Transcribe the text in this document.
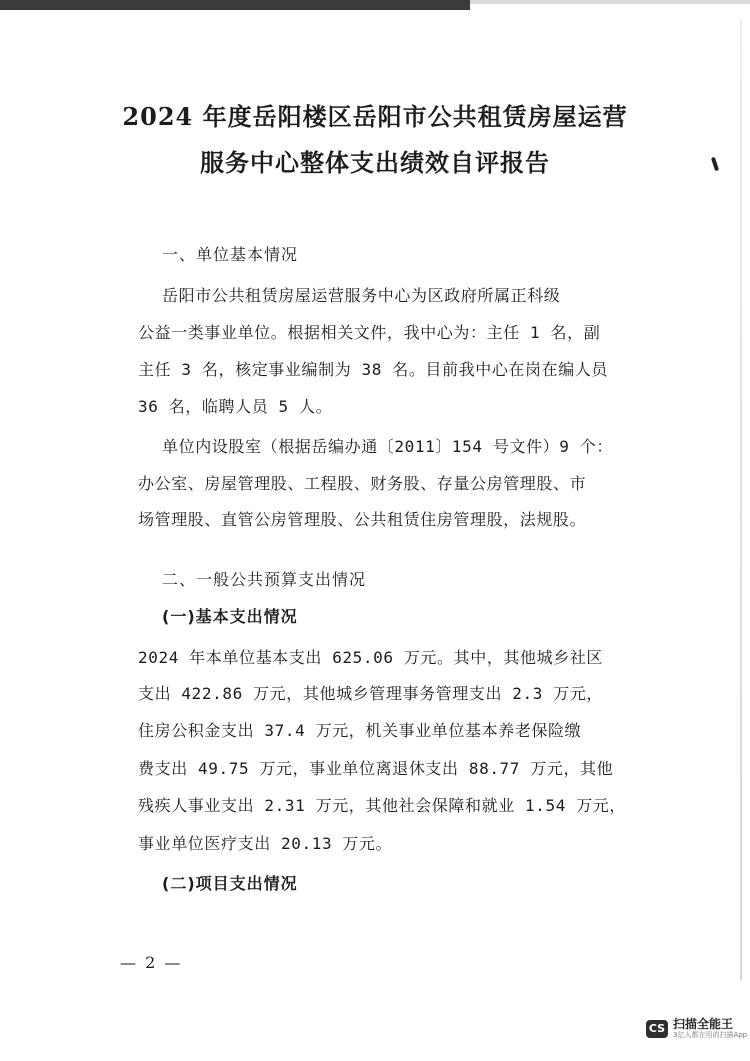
2024 年度岳阳楼区岳阳市公共租赁房屋运营
服务中心整体支出绩效自评报告
一、单位基本情况
岳阳市公共租赁房屋运营服务中心为区政府所属正科级
公益一类事业单位。根据相关文件，我中心为：主任 1 名，副
主任 3 名，核定事业编制为 38 名。目前我中心在岗在编人员
36 名，临聘人员 5 人。
单位内设股室（根据岳编办通〔2011〕154 号文件）9 个：
办公室、房屋管理股、工程股、财务股、存量公房管理股、市
场管理股、直管公房管理股、公共租赁住房管理股，法规股。
二、一般公共预算支出情况
(一)基本支出情况
2024 年本单位基本支出 625.06 万元。其中，其他城乡社区
支出 422.86 万元，其他城乡管理事务管理支出 2.3 万元，
住房公积金支出 37.4 万元，机关事业单位基本养老保险缴
费支出 49.75 万元，事业单位离退休支出 88.77 万元，其他
残疾人事业支出 2.31 万元，其他社会保障和就业 1.54 万元，
事业单位医疗支出 20.13 万元。
(二)项目支出情况
— 2 —
CS 扫描全能王
3亿人都在用的扫描App
